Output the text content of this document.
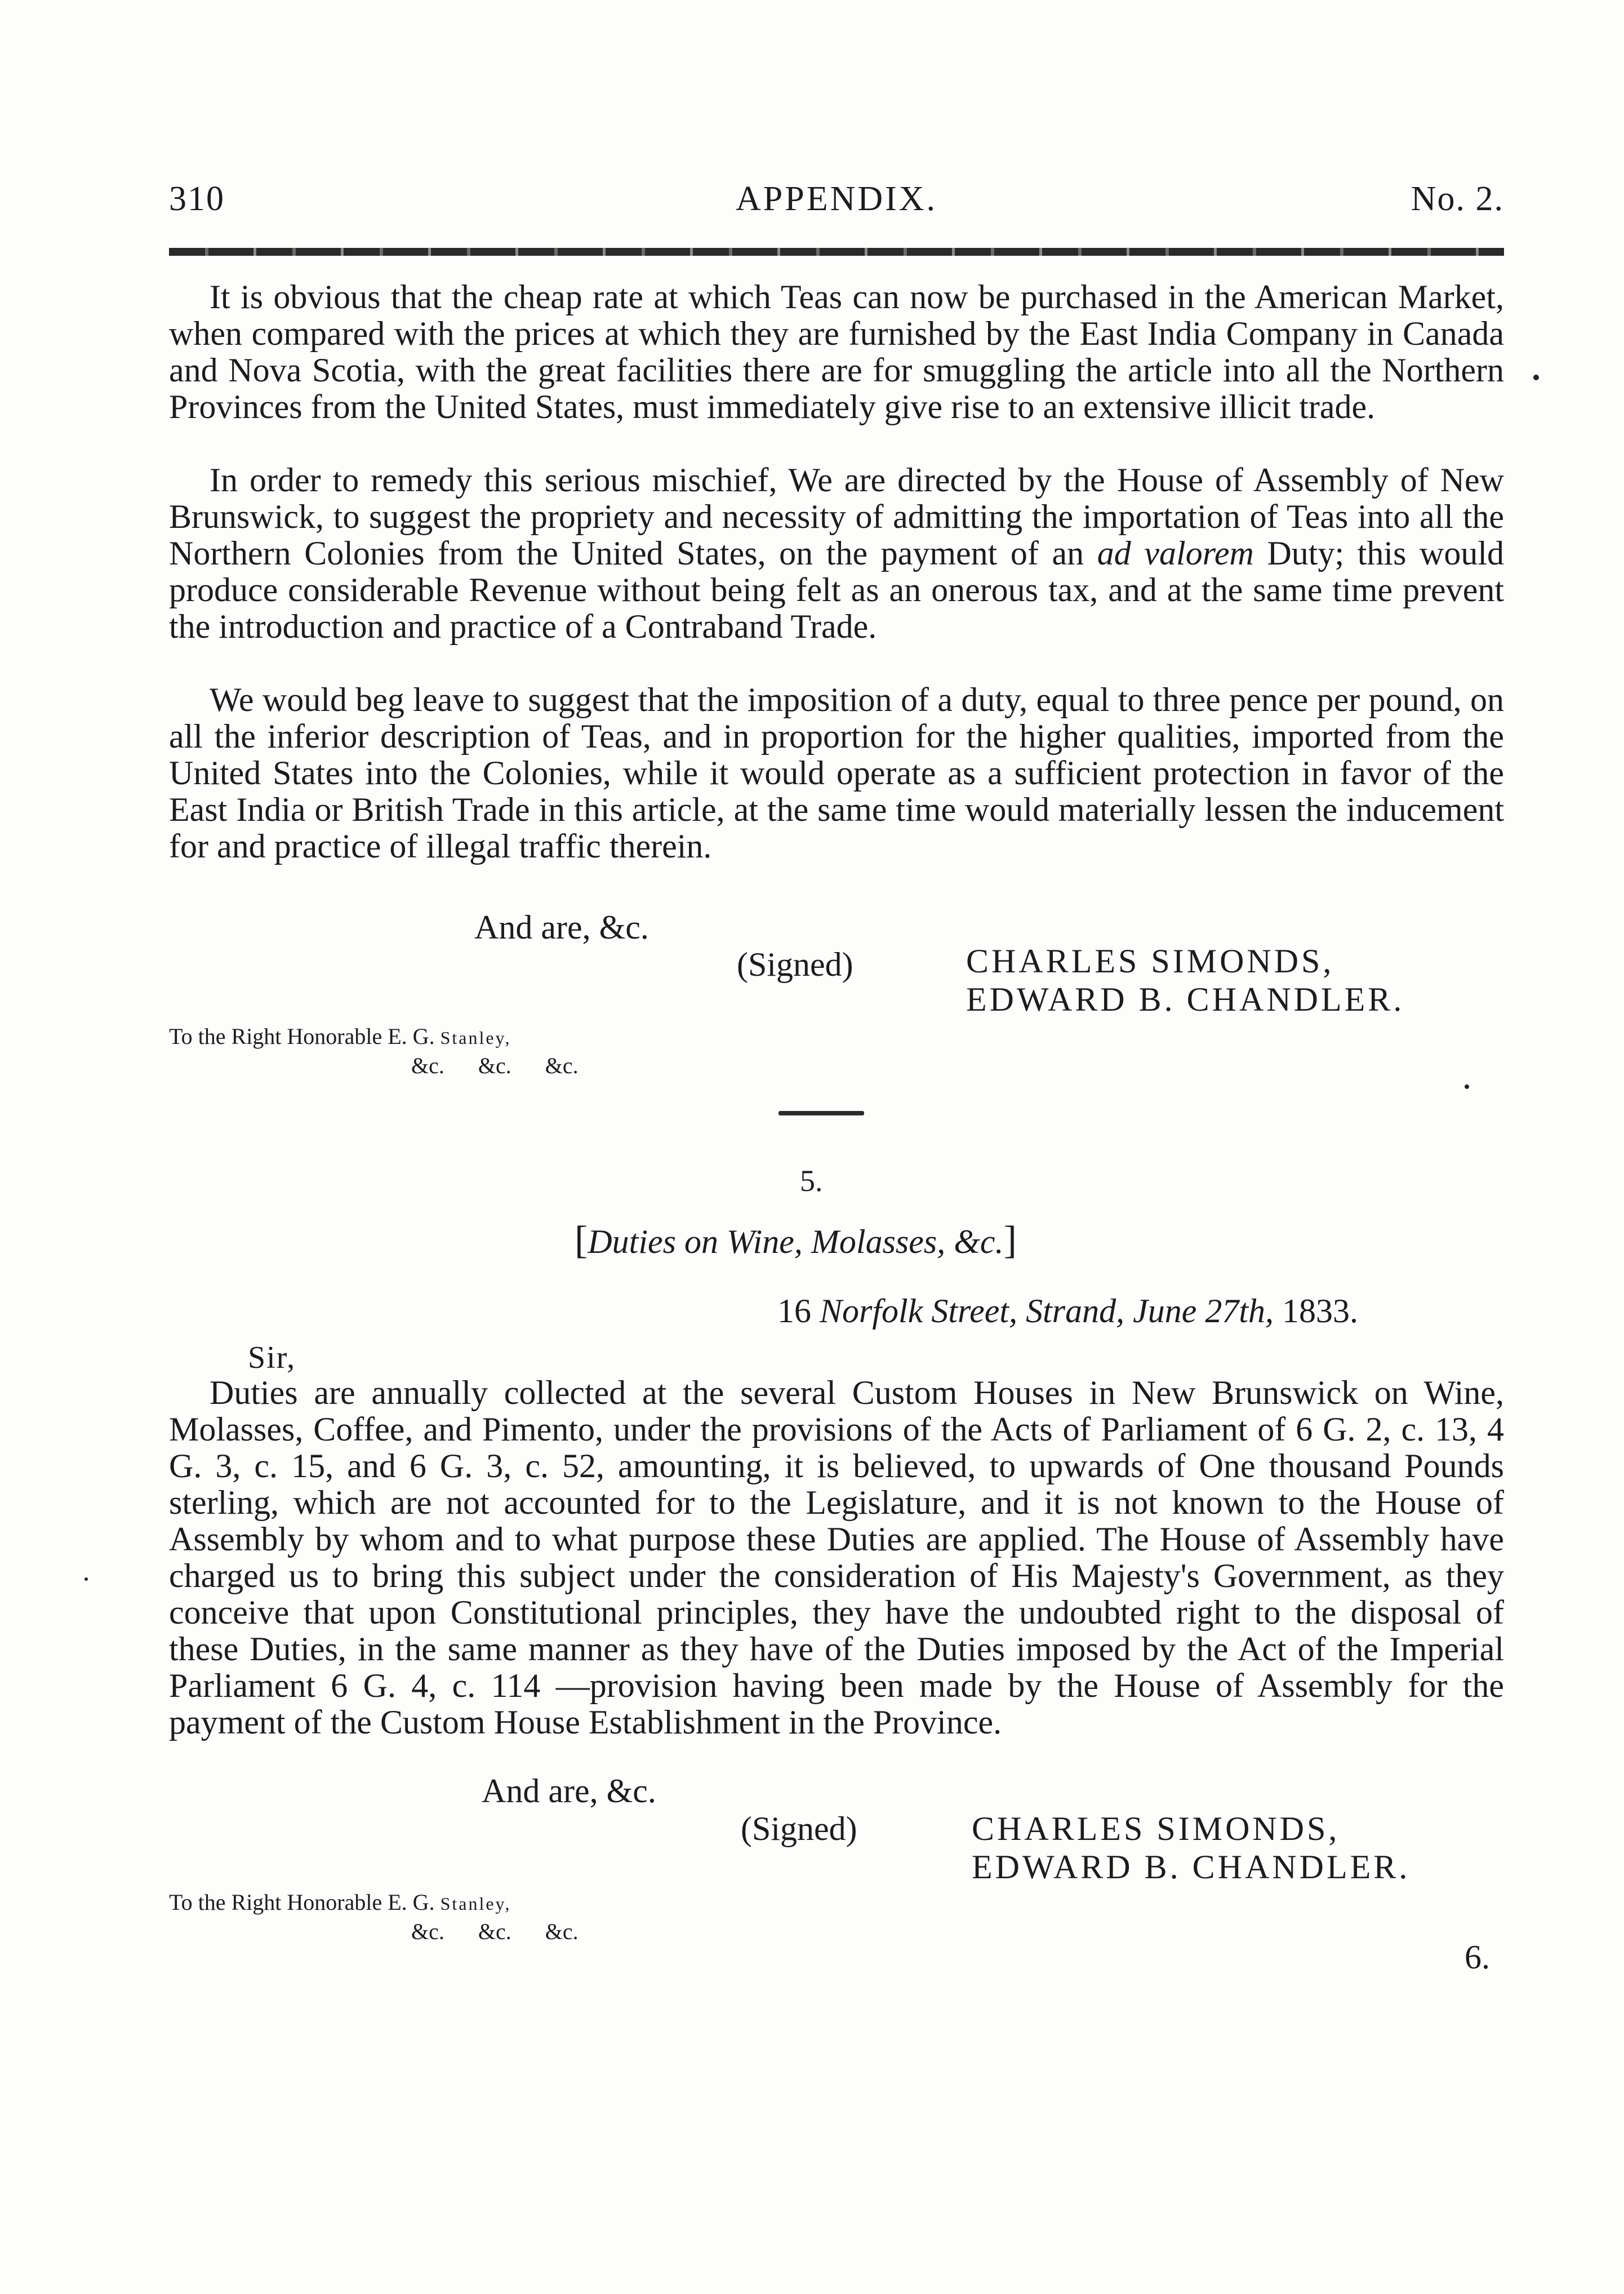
310	APPENDIX.	No. 2.

It is obvious that the cheap rate at which Teas can now be purchased in the American Market, when compared with the prices at which they are furnished by the East India Company in Canada and Nova Scotia, with the great facilities there are for smuggling the article into all the Northern Provinces from the United States, must immediately give rise to an extensive illicit trade.

In order to remedy this serious mischief, We are directed by the House of Assembly of New Brunswick, to suggest the propriety and necessity of admitting the importation of Teas into all the Northern Colonies from the United States, on the payment of an ad valorem Duty; this would produce considerable Revenue without being felt as an onerous tax, and at the same time prevent the introduction and practice of a Contraband Trade.

We would beg leave to suggest that the imposition of a duty, equal to three pence per pound, on all the inferior description of Teas, and in proportion for the higher qualities, imported from the United States into the Colonies, while it would operate as a sufficient protection in favor of the East India or British Trade in this article, at the same time would materially lessen the inducement for and practice of illegal traffic therein.

And are, &c.
(Signed)	CHARLES SIMONDS,
EDWARD B. CHANDLER.
To the Right Honorable E. G. Stanley,
&c.      &c.      &c.
5.
[Duties on Wine, Molasses, &c.]
16 Norfolk Street, Strand, June 27th, 1833.
Sir,

Duties are annually collected at the several Custom Houses in New Brunswick on Wine, Molasses, Coffee, and Pimento, under the provisions of the Acts of Parliament of 6 G. 2, c. 13, 4 G. 3, c. 15, and 6 G. 3, c. 52, amounting, it is believed, to upwards of One thousand Pounds sterling, which are not accounted for to the Legislature, and it is not known to the House of Assembly by whom and to what purpose these Duties are applied. The House of Assembly have charged us to bring this subject under the consideration of His Majesty's Government, as they conceive that upon Constitutional principles, they have the undoubted right to the disposal of these Duties, in the same manner as they have of the Duties imposed by the Act of the Imperial Parliament 6 G. 4, c. 114 —provision having been made by the House of Assembly for the payment of the Custom House Establishment in the Province.

And are, &c.
(Signed)	CHARLES SIMONDS,
EDWARD B. CHANDLER.
To the Right Honorable E. G. Stanley,
&c.      &c.      &c.
6.
